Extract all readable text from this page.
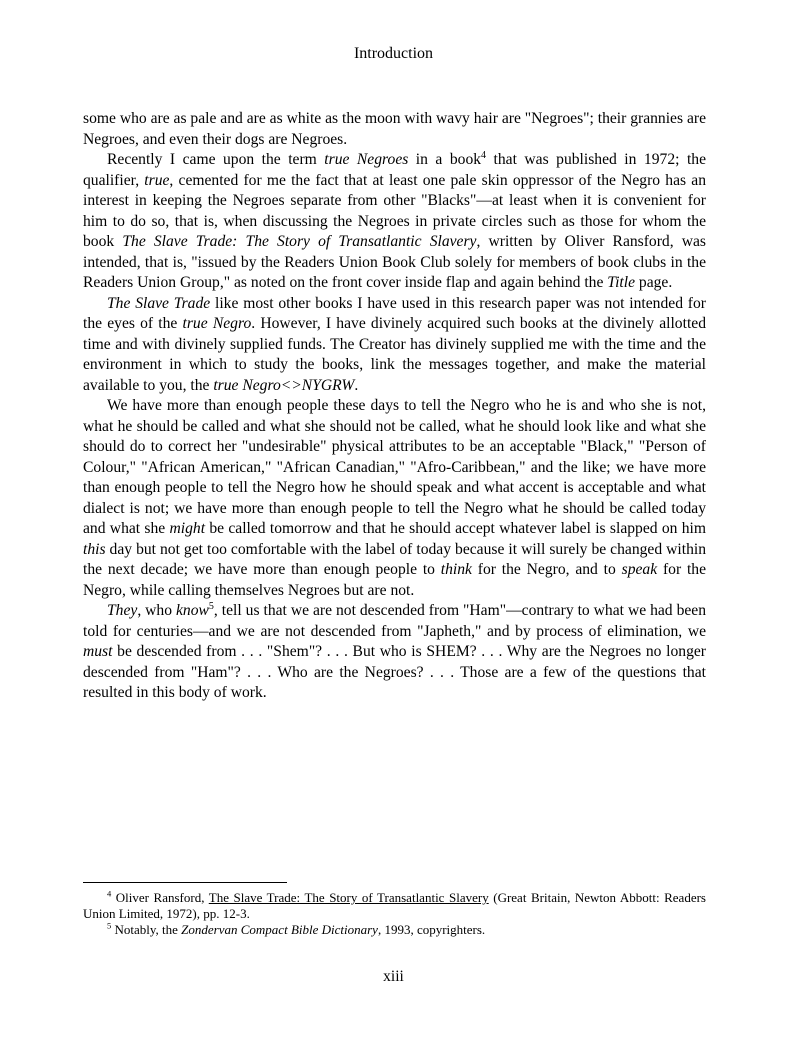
Introduction

some who are as pale and are as white as the moon with wavy hair are "Negroes"; their grannies are Negroes, and even their dogs are Negroes.

Recently I came upon the term true Negroes in a book$^4$ that was published in 1972; the qualifier, true, cemented for me the fact that at least one pale skin oppressor of the Negro has an interest in keeping the Negroes separate from other "Blacks"—at least when it is convenient for him to do so, that is, when discussing the Negroes in private circles such as those for whom the book The Slave Trade: The Story of Transatlantic Slavery, written by Oliver Ransford, was intended, that is, "issued by the Readers Union Book Club solely for members of book clubs in the Readers Union Group," as noted on the front cover inside flap and again behind the Title page.

The Slave Trade like most other books I have used in this research paper was not intended for the eyes of the true Negro. However, I have divinely acquired such books at the divinely allotted time and with divinely supplied funds. The Creator has divinely supplied me with the time and the environment in which to study the books, link the messages together, and make the material available to you, the true Negro<>NYGRW.

We have more than enough people these days to tell the Negro who he is and who she is not, what he should be called and what she should not be called, what he should look like and what she should do to correct her "undesirable" physical attributes to be an acceptable "Black," "Person of Colour," "African American," "African Canadian," "Afro-Caribbean," and the like; we have more than enough people to tell the Negro how he should speak and what accent is acceptable and what dialect is not; we have more than enough people to tell the Negro what he should be called today and what she might be called tomorrow and that he should accept whatever label is slapped on him this day but not get too comfortable with the label of today because it will surely be changed within the next decade; we have more than enough people to think for the Negro, and to speak for the Negro, while calling themselves Negroes but are not.

They, who know$^5$, tell us that we are not descended from "Ham"—contrary to what we had been told for centuries—and we are not descended from "Japheth," and by process of elimination, we must be descended from . . . "Shem"? . . . But who is SHEM? . . . Why are the Negroes no longer descended from "Ham"? . . . Who are the Negroes? . . . Those are a few of the questions that resulted in this body of work.

$^4$ Oliver Ransford, The Slave Trade: The Story of Transatlantic Slavery (Great Britain, Newton Abbott: Readers Union Limited, 1972), pp. 12-3.

$^5$ Notably, the Zondervan Compact Bible Dictionary, 1993, copyrighters.

xiii
